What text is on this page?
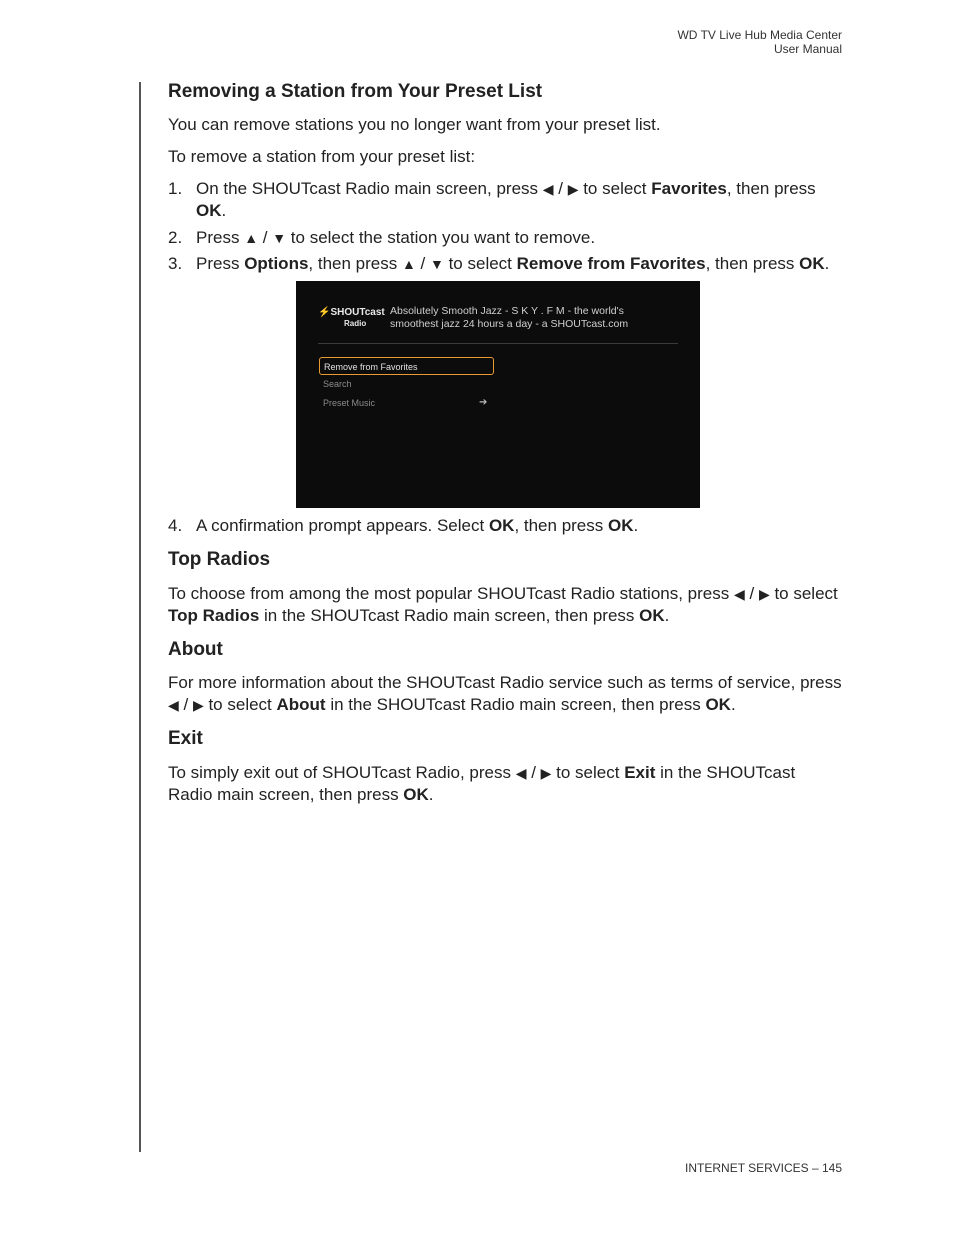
WD TV Live Hub Media Center
User Manual
Removing a Station from Your Preset List

You can remove stations you no longer want from your preset list.

To remove a station from your preset list:

1. On the SHOUTcast Radio main screen, press ◀ / ▶ to select Favorites, then press OK.
2. Press ▲ / ▼ to select the station you want to remove.
3. Press Options, then press ▲ / ▼ to select Remove from Favorites, then press OK.
⚡SHOUTcast
Radio
Absolutely Smooth Jazz - S K Y . F M - the world's
smoothest jazz 24 hours a day - a SHOUTcast.com
Remove from Favorites
Search
Preset Music	➔
4. A confirmation prompt appears. Select OK, then press OK.
Top Radios

To choose from among the most popular SHOUTcast Radio stations, press ◀ / ▶ to select Top Radios in the SHOUTcast Radio main screen, then press OK.

About

For more information about the SHOUTcast Radio service such as terms of service, press ◀ / ▶ to select About in the SHOUTcast Radio main screen, then press OK.

Exit

To simply exit out of SHOUTcast Radio, press ◀ / ▶ to select Exit in the SHOUTcast Radio main screen, then press OK.

INTERNET SERVICES – 145
